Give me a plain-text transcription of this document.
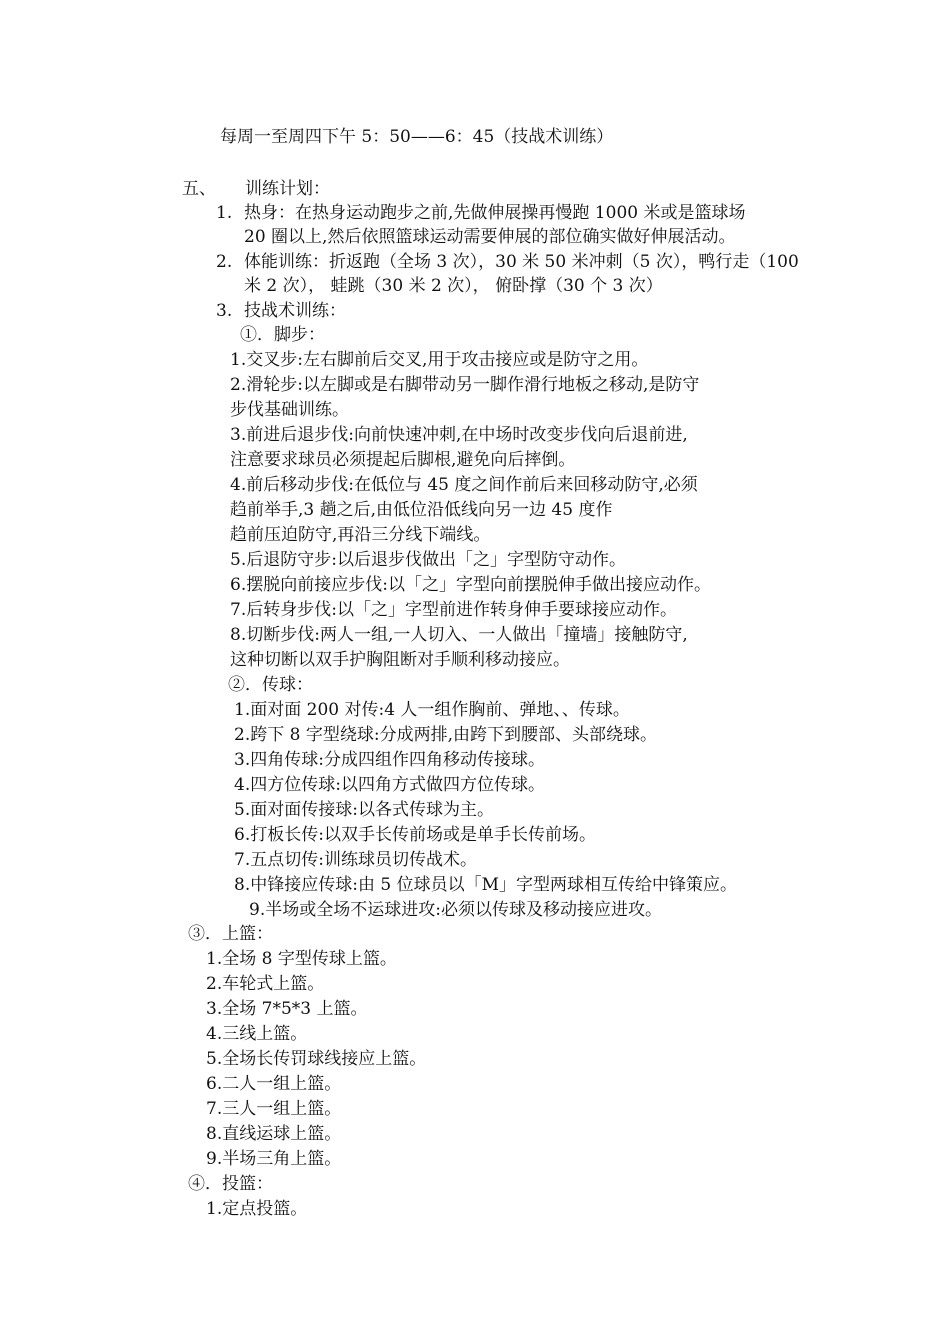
每周一至周四下午 5：50——6：45（技战术训练）
五、 训练计划：
1. 热身：在热身运动跑步之前,先做伸展操再慢跑 1000 米或是篮球场
20 圈以上,然后依照篮球运动需要伸展的部位确实做好伸展活动。
2. 体能训练：折返跑（全场 3 次），30 米 50 米冲刺（5 次），鸭行走（100
米 2 次）， 蛙跳（30 米 2 次）， 俯卧撑（30 个 3 次）
3. 技战术训练：
①．脚步：
1.交叉步:左右脚前后交叉,用于攻击接应或是防守之用。
2.滑轮步:以左脚或是右脚带动另一脚作滑行地板之移动,是防守
步伐基础训练。
3.前进后退步伐:向前快速冲刺,在中场时改变步伐向后退前进,
注意要求球员必须提起后脚根,避免向后摔倒。
4.前后移动步伐:在低位与 45 度之间作前后来回移动防守,必须
趋前举手,3 趟之后,由低位沿低线向另一边 45 度作
趋前压迫防守,再沿三分线下端线。
5.后退防守步:以后退步伐做出「之」字型防守动作。
6.摆脱向前接应步伐:以「之」字型向前摆脱伸手做出接应动作。
7.后转身步伐:以「之」字型前进作转身伸手要球接应动作。
8.切断步伐:两人一组,一人切入、一人做出「撞墙」接触防守,
这种切断以双手护胸阻断对手顺利移动接应。
②．传球：
1.面对面 200 对传:4 人一组作胸前、弹地、、传球。
2.跨下 8 字型绕球:分成两排,由跨下到腰部、头部绕球。
3.四角传球:分成四组作四角移动传接球。
4.四方位传球:以四角方式做四方位传球。
5.面对面传接球:以各式传球为主。
6.打板长传:以双手长传前场或是单手长传前场。
7.五点切传:训练球员切传战术。
8.中锋接应传球:由 5 位球员以「M」字型两球相互传给中锋策应。
9.半场或全场不运球进攻:必须以传球及移动接应进攻。
③．上篮：
1.全场 8 字型传球上篮。
2.车轮式上篮。
3.全场 7*5*3 上篮。
4.三线上篮。
5.全场长传罚球线接应上篮。
6.二人一组上篮。
7.三人一组上篮。
8.直线运球上篮。
9.半场三角上篮。
④．投篮：
1.定点投篮。
